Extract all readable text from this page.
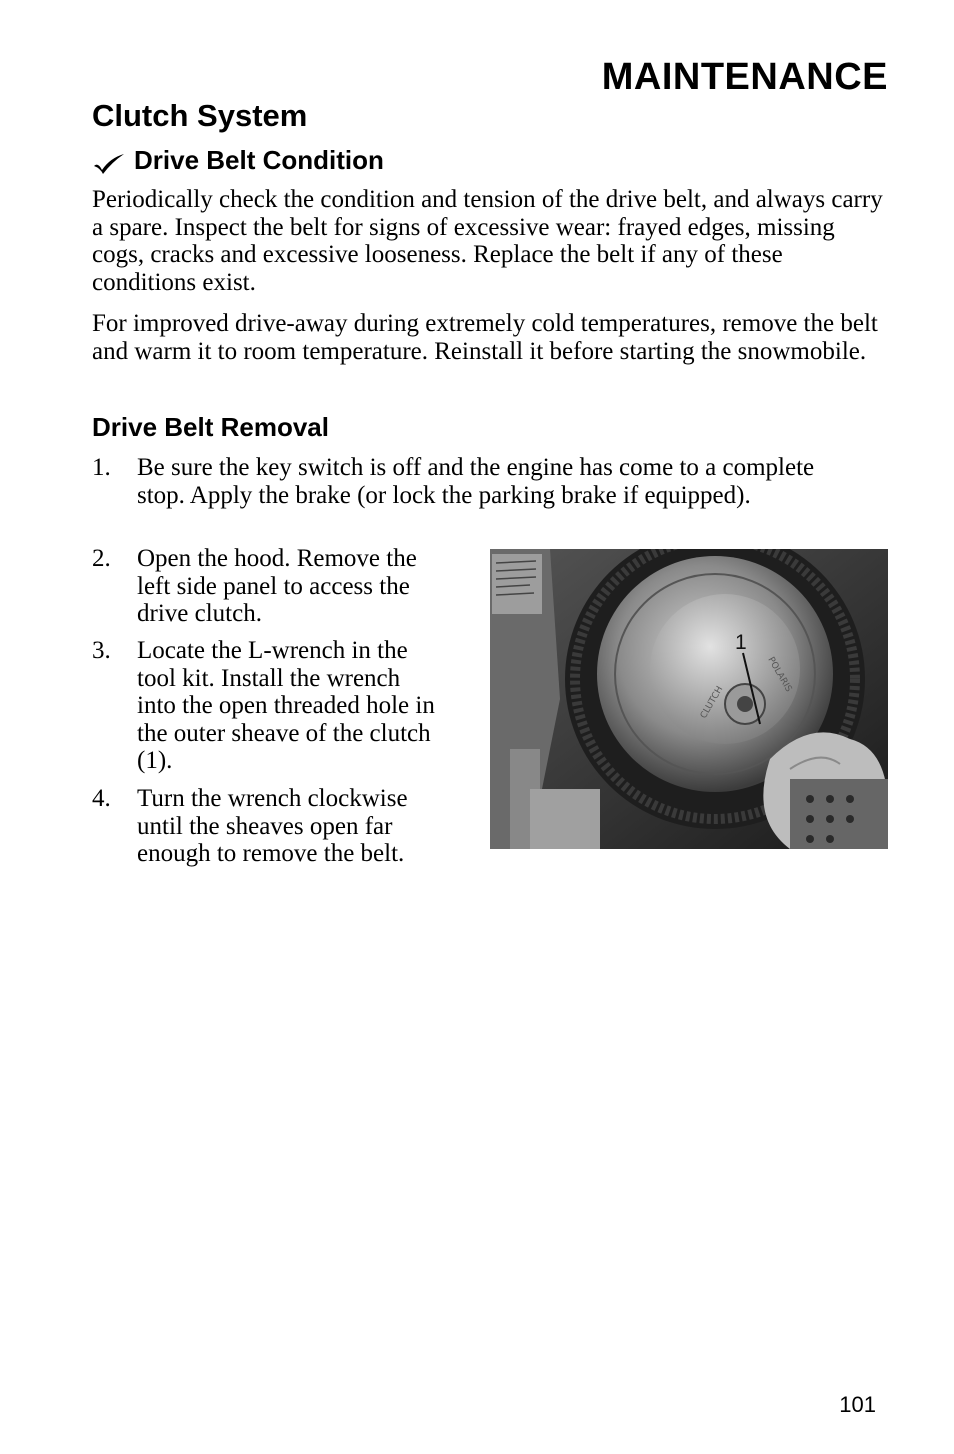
MAINTENANCE
Clutch System
Drive Belt Condition

Periodically check the condition and tension of the drive belt, and always carry a spare. Inspect the belt for signs of excessive wear: frayed edges, missing cogs, cracks and excessive looseness. Replace the belt if any of these conditions exist.

For improved drive-away during extremely cold temperatures, remove the belt and warm it to room temperature. Reinstall it before starting the snowmobile.

Drive Belt Removal
1.	Be sure the key switch is off and the engine has come to a complete stop. Apply the brake (or lock the parking brake if equipped).
2.	Open the hood. Remove the left side panel to access the drive clutch.
3.	Locate the L-wrench in the tool kit. Install the wrench into the open threaded hole in the outer sheave of the clutch (1).
4.	Turn the wrench clockwise until the sheaves open far enough to remove the belt.
CLUTCH
POLARIS
1
101
